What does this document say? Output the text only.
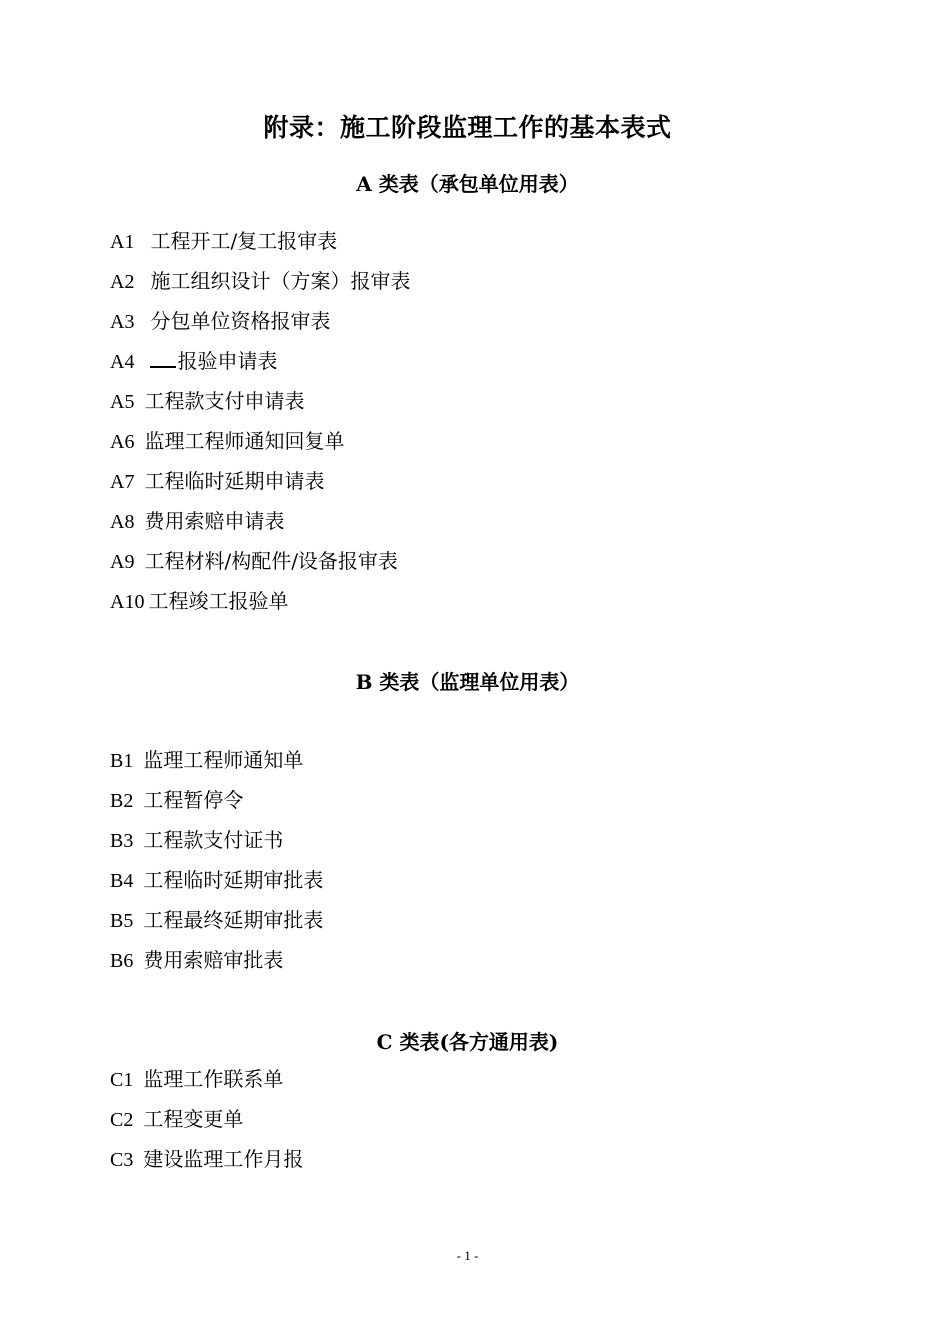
附录：施工阶段监理工作的基本表式
A 类表（承包单位用表）
A1 工程开工/复工报审表
A2 施工组织设计（方案）报审表
A3 分包单位资格报审表
A4 报验申请表
A5 工程款支付申请表
A6 监理工程师通知回复单
A7 工程临时延期申请表
A8 费用索赔申请表
A9 工程材料/构配件/设备报审表
A10 工程竣工报验单
B 类表（监理单位用表）
B1 监理工程师通知单
B2 工程暂停令
B3 工程款支付证书
B4 工程临时延期审批表
B5 工程最终延期审批表
B6 费用索赔审批表
C 类表(各方通用表)
C1 监理工作联系单
C2 工程变更单
C3 建设监理工作月报
- 1 -
